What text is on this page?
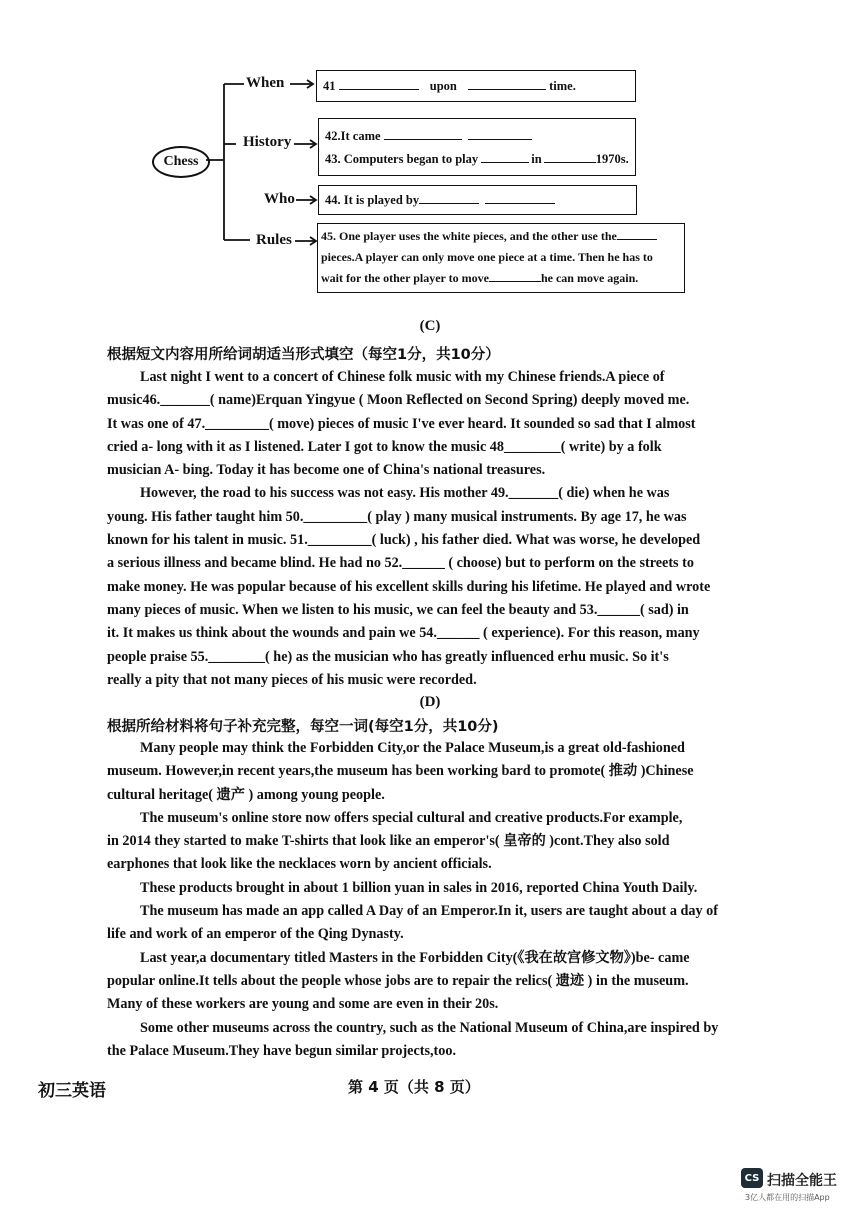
Chess
When
History
Who
Rules
41	upon	time.
42.It came
43. Computers began to play	in	1970s.
44. It is played by
45. One player uses the white pieces, and the other use the
pieces.A player can only move one piece at a time. Then he has to
wait for the other player to move	he can move again.
(C)
根据短文内容用所给词胡适当形式填空（每空1分，共10分）
Last night I went to a concert of Chinese folk music with my Chinese friends.A piece of
music46._______( name)Erquan Yingyue ( Moon Reflected on Second Spring) deeply moved me.
It was one of 47._________( move) pieces of music I've ever heard. It sounded so sad that I almost
cried a- long with it as I listened. Later I got to know the music 48________( write) by a folk
musician A- bing. Today it has become one of China's national treasures.
However, the road to his success was not easy. His mother 49._______( die) when he was
young. His father taught him 50._________( play ) many musical instruments. By age 17, he was
known for his talent in music. 51._________( luck) , his father died. What was worse, he developed
a serious illness and became blind. He had no 52.______ ( choose) but to perform on the streets to
make money. He was popular because of his excellent skills during his lifetime. He played and wrote
many pieces of music. When we listen to his music, we can feel the beauty and 53.______( sad) in
it. It makes us think about the wounds and pain we 54.______ ( experience). For this reason, many
people praise 55.________( he) as the musician who has greatly influenced erhu music. So it's
really a pity that not many pieces of his music were recorded.
(D)
根据所给材料将句子补充完整，每空一词(每空1分，共10分)
Many people may think the Forbidden City,or the Palace Museum,is a great old-fashioned
museum. However,in recent years,the museum has been working bard to promote( 推动 )Chinese
cultural heritage( 遗产 ) among young people.
The museum's online store now offers special cultural and creative products.For example,
in 2014 they started to make T-shirts that look like an emperor's( 皇帝的 )cont.They also sold
earphones that look like the necklaces worn by ancient officials.
These products brought in about 1 billion yuan in sales in 2016, reported China Youth Daily.
The museum has made an app called A Day of an Emperor.In it, users are taught about a day of
life and work of an emperor of the Qing Dynasty.
Last year,a documentary titled Masters in the Forbidden City(《我在故宫修文物》)be- came
popular online.It tells about the people whose jobs are to repair the relics( 遗迹 ) in the museum.
Many of these workers are young and some are even in their 20s.
Some other museums across the country, such as the National Museum of China,are inspired by
the Palace Museum.They have begun similar projects,too.
初三英语	第 4 页（共 8 页）
CS 扫描全能王
3亿人都在用的扫描App
